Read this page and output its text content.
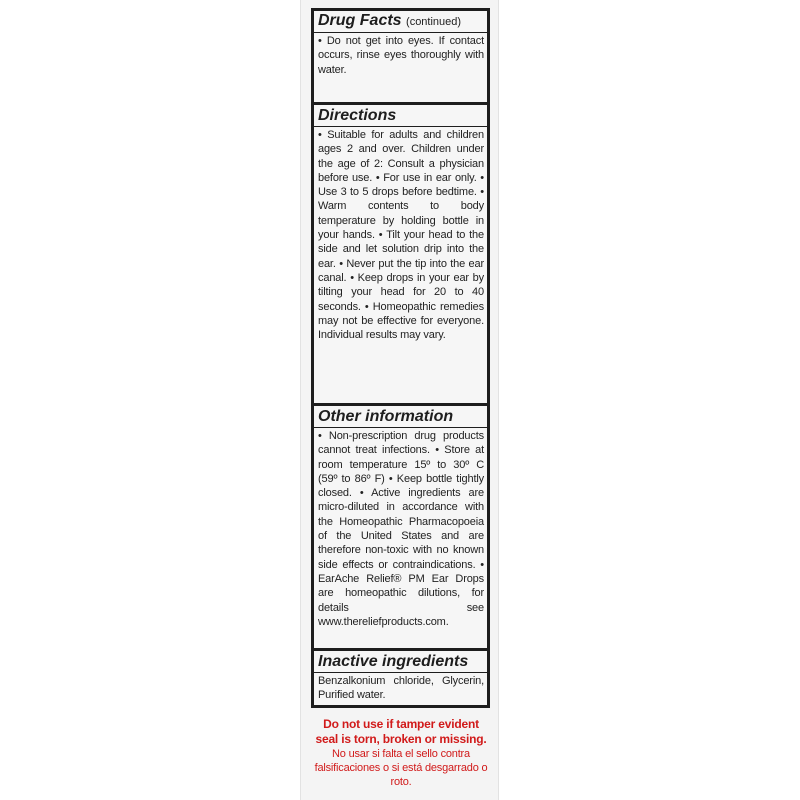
Drug Facts (continued)
• Do not get into eyes. If contact occurs, rinse eyes thoroughly with water.
Directions
• Suitable for adults and children ages 2 and over. Children under the age of 2: Consult a physician before use. • For use in ear only. • Use 3 to 5 drops before bedtime. • Warm contents to body temperature by holding bottle in your hands. • Tilt your head to the side and let solution drip into the ear. • Never put the tip into the ear canal. • Keep drops in your ear by tilting your head for 20 to 40 seconds. • Homeopathic remedies may not be effective for everyone. Individual results may vary.
Other information
• Non-prescription drug products cannot treat infections. • Store at room temperature 15º to 30º C (59º to 86º F) • Keep bottle tightly closed. • Active ingredients are micro-diluted in accordance with the Homeopathic Pharmacopoeia of the United States and are therefore non-toxic with no known side effects or contraindications. • EarAche Relief® PM Ear Drops are homeopathic dilutions, for details see www.thereliefproducts.com.
Inactive ingredients
Benzalkonium chloride, Glycerin, Purified water.
Do not use if tamper evident seal is torn, broken or missing. No usar si falta el sello contra falsificaciones o si está desgarrado o roto.
